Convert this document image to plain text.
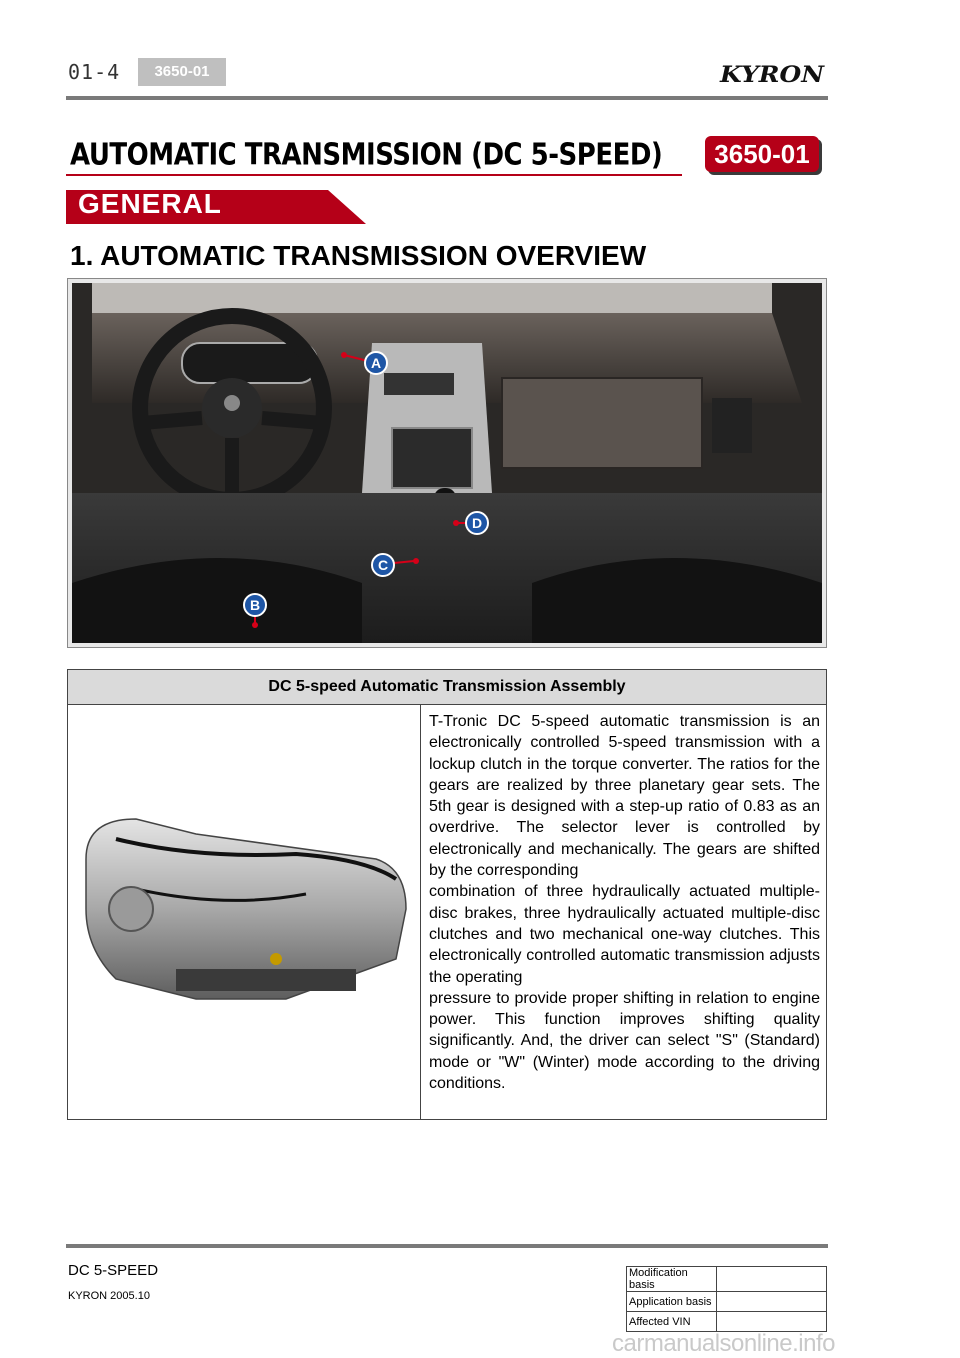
01-4	3650-01	KYRON
AUTOMATIC TRANSMISSION (DC 5-SPEED)	3650-01
GENERAL
1. AUTOMATIC TRANSMISSION OVERVIEW
A
B
C
D
DC 5-speed Automatic Transmission Assembly

T-Tronic DC 5-speed automatic transmission is an electronically controlled 5-speed transmission with a lockup clutch in the torque converter. The ratios for the gears are realized by three planetary gear sets. The 5th gear is designed with a step-up ratio of 0.83 as an overdrive. The selector lever is controlled by electronically and mechanically. The gears are shifted by the corresponding

combination of three hydraulically actuated multiple-disc brakes, three hydraulically actuated multiple-disc clutches and two mechanical one-way clutches. This electronically controlled automatic transmission adjusts the operating

pressure to provide proper shifting in relation to engine power. This function improves shifting quality significantly. And, the driver can select "S" (Standard) mode or "W" (Winter) mode according to the driving conditions.

DC 5-SPEED
KYRON 2005.10
Modification basis	
Application basis	
Affected VIN	
carmanualsonline.info
